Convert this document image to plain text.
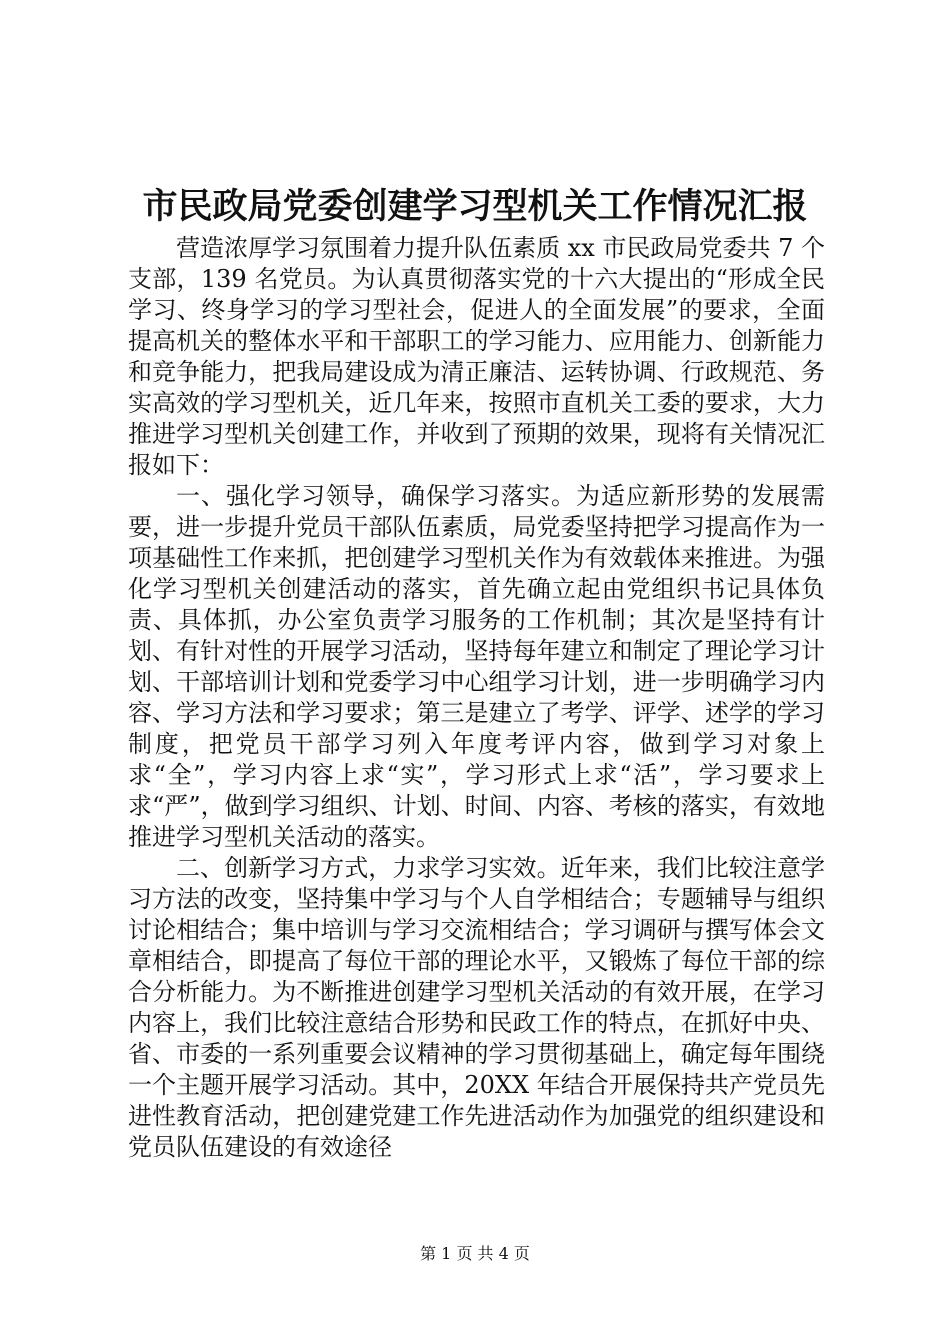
市民政局党委创建学习型机关工作情况汇报

营造浓厚学习氛围着力提升队伍素质 xx 市民政局党委共 7 个支部，139 名党员。为认真贯彻落实党的十六大提出的“形成全民学习、终身学习的学习型社会，促进人的全面发展”的要求，全面提高机关的整体水平和干部职工的学习能力、应用能力、创新能力和竞争能力，把我局建设成为清正廉洁、运转协调、行政规范、务实高效的学习型机关，近几年来，按照市直机关工委的要求，大力推进学习型机关创建工作，并收到了预期的效果，现将有关情况汇报如下：

一、强化学习领导，确保学习落实。为适应新形势的发展需要，进一步提升党员干部队伍素质，局党委坚持把学习提高作为一项基础性工作来抓，把创建学习型机关作为有效载体来推进。为强化学习型机关创建活动的落实，首先确立起由党组织书记具体负责、具体抓，办公室负责学习服务的工作机制；其次是坚持有计划、有针对性的开展学习活动，坚持每年建立和制定了理论学习计划、干部培训计划和党委学习中心组学习计划，进一步明确学习内容、学习方法和学习要求；第三是建立了考学、评学、述学的学习制度，把党员干部学习列入年度考评内容，做到学习对象上求“全”，学习内容上求“实”，学习形式上求“活”，学习要求上求“严”，做到学习组织、计划、时间、内容、考核的落实，有效地推进学习型机关活动的落实。

二、创新学习方式，力求学习实效。近年来，我们比较注意学习方法的改变，坚持集中学习与个人自学相结合；专题辅导与组织讨论相结合；集中培训与学习交流相结合；学习调研与撰写体会文章相结合，即提高了每位干部的理论水平，又锻炼了每位干部的综合分析能力。为不断推进创建学习型机关活动的有效开展，在学习内容上，我们比较注意结合形势和民政工作的特点，在抓好中央、省、市委的一系列重要会议精神的学习贯彻基础上，确定每年围绕一个主题开展学习活动。其中，20XX 年结合开展保持共产党员先进性教育活动，把创建党建工作先进活动作为加强党的组织建设和党员队伍建设的有效途径

第 1 页 共 4 页
